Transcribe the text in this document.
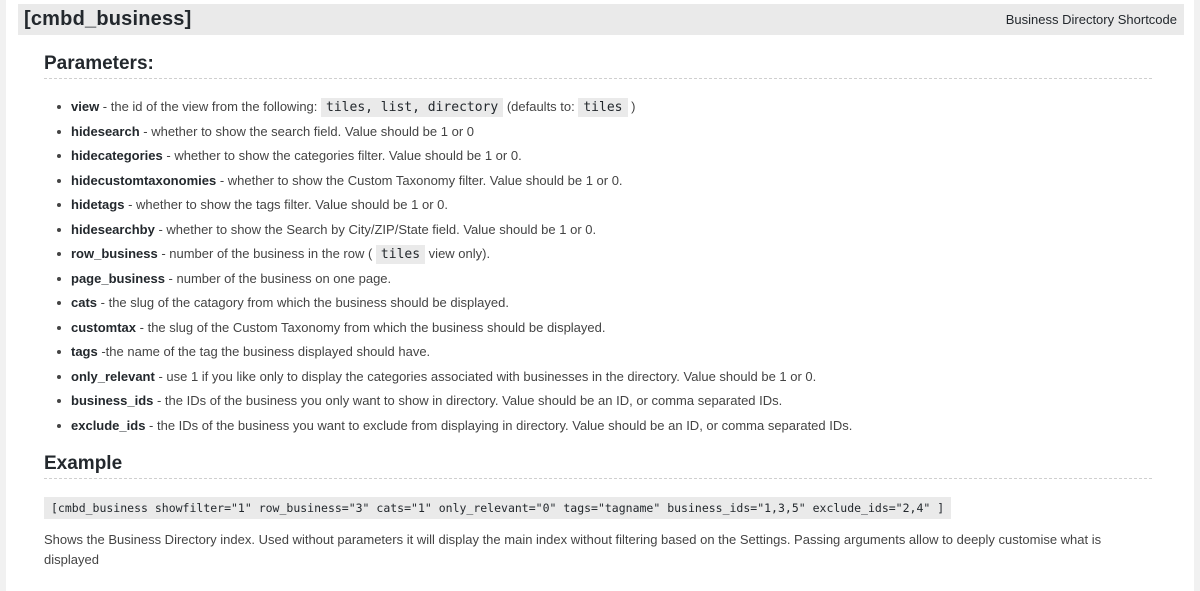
[cmbd_business]	Business Directory Shortcode
Parameters:
view - the id of the view from the following: tiles, list, directory (defaults to: tiles )
hidesearch - whether to show the search field. Value should be 1 or 0
hidecategories - whether to show the categories filter. Value should be 1 or 0.
hidecustomtaxonomies - whether to show the Custom Taxonomy filter. Value should be 1 or 0.
hidetags - whether to show the tags filter. Value should be 1 or 0.
hidesearchby - whether to show the Search by City/ZIP/State field. Value should be 1 or 0.
row_business - number of the business in the row ( tiles view only).
page_business - number of the business on one page.
cats - the slug of the catagory from which the business should be displayed.
customtax - the slug of the Custom Taxonomy from which the business should be displayed.
tags -the name of the tag the business displayed should have.
only_relevant - use 1 if you like only to display the categories associated with businesses in the directory. Value should be 1 or 0.
business_ids - the IDs of the business you only want to show in directory. Value should be an ID, or comma separated IDs.
exclude_ids - the IDs of the business you want to exclude from displaying in directory. Value should be an ID, or comma separated IDs.
Example
[cmbd_business showfilter="1" row_business="3" cats="1" only_relevant="0" tags="tagname" business_ids="1,3,5" exclude_ids="2,4" ]

Shows the Business Directory index. Used without parameters it will display the main index without filtering based on the Settings. Passing arguments allow to deeply customise what is displayed
